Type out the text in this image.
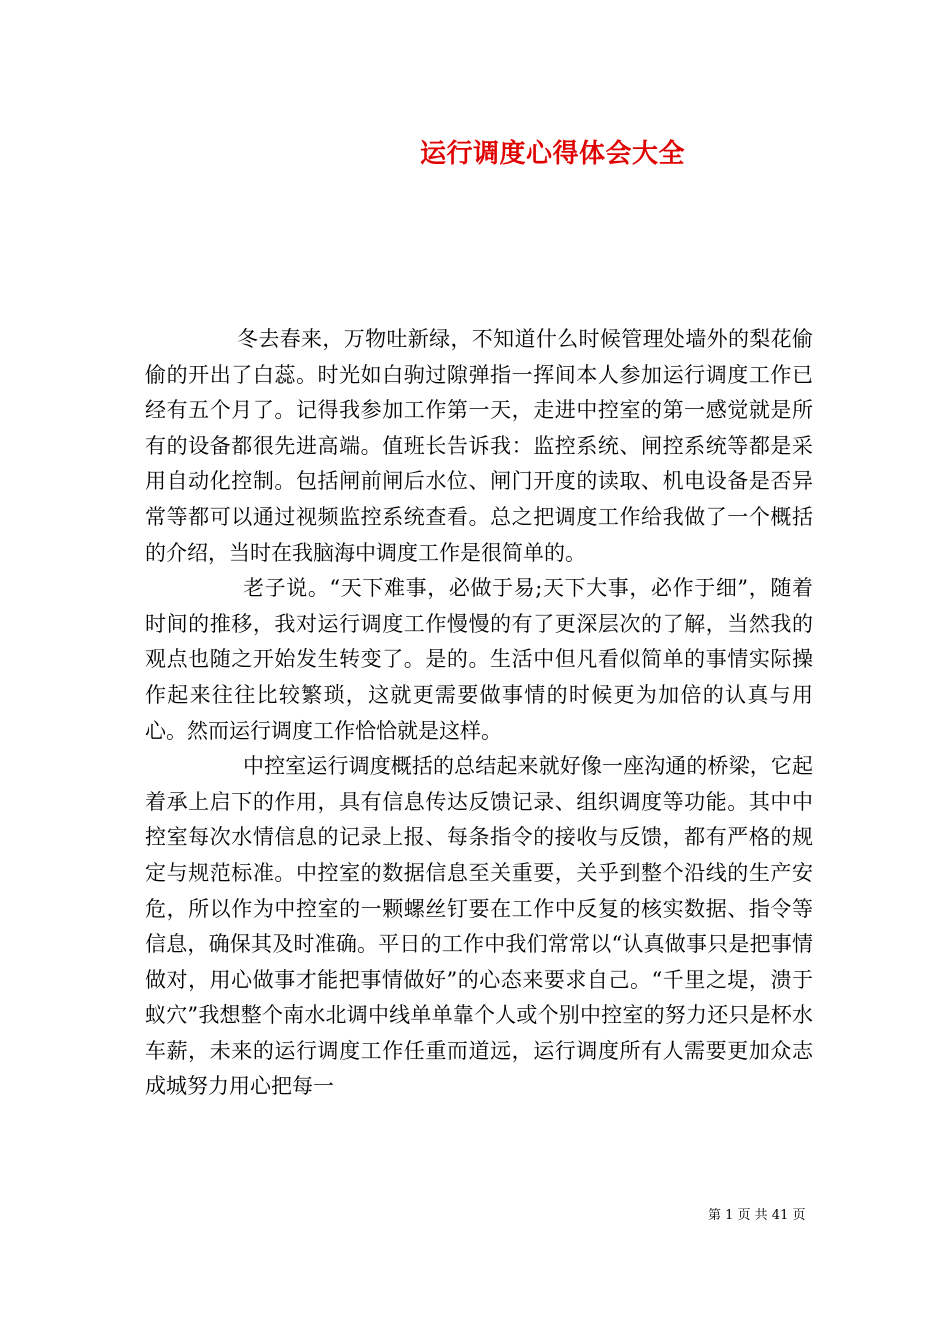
运行调度心得体会大全

冬去春来，万物吐新绿，不知道什么时候管理处墙外的梨花偷偷的开出了白蕊。时光如白驹过隙弹指一挥间本人参加运行调度工作已经有五个月了。记得我参加工作第一天，走进中控室的第一感觉就是所有的设备都很先进高端。值班长告诉我：监控系统、闸控系统等都是采用自动化控制。包括闸前闸后水位、闸门开度的读取、机电设备是否异常等都可以通过视频监控系统查看。总之把调度工作给我做了一个概括的介绍，当时在我脑海中调度工作是很简单的。

老子说。“天下难事，必做于易;天下大事，必作于细”，随着时间的推移，我对运行调度工作慢慢的有了更深层次的了解，当然我的观点也随之开始发生转变了。是的。生活中但凡看似简单的事情实际操作起来往往比较繁琐，这就更需要做事情的时候更为加倍的认真与用心。然而运行调度工作恰恰就是这样。

中控室运行调度概括的总结起来就好像一座沟通的桥梁，它起着承上启下的作用，具有信息传达反馈记录、组织调度等功能。其中中控室每次水情信息的记录上报、每条指令的接收与反馈，都有严格的规定与规范标准。中控室的数据信息至关重要，关乎到整个沿线的生产安危，所以作为中控室的一颗螺丝钉要在工作中反复的核实数据、指令等信息，确保其及时准确。平日的工作中我们常常以“认真做事只是把事情做对，用心做事才能把事情做好”的心态来要求自己。“千里之堤，溃于蚁穴”我想整个南水北调中线单单靠个人或个别中控室的努力还只是杯水车薪，未来的运行调度工作任重而道远，运行调度所有人需要更加众志成城努力用心把每一

第 1 页 共 41 页
